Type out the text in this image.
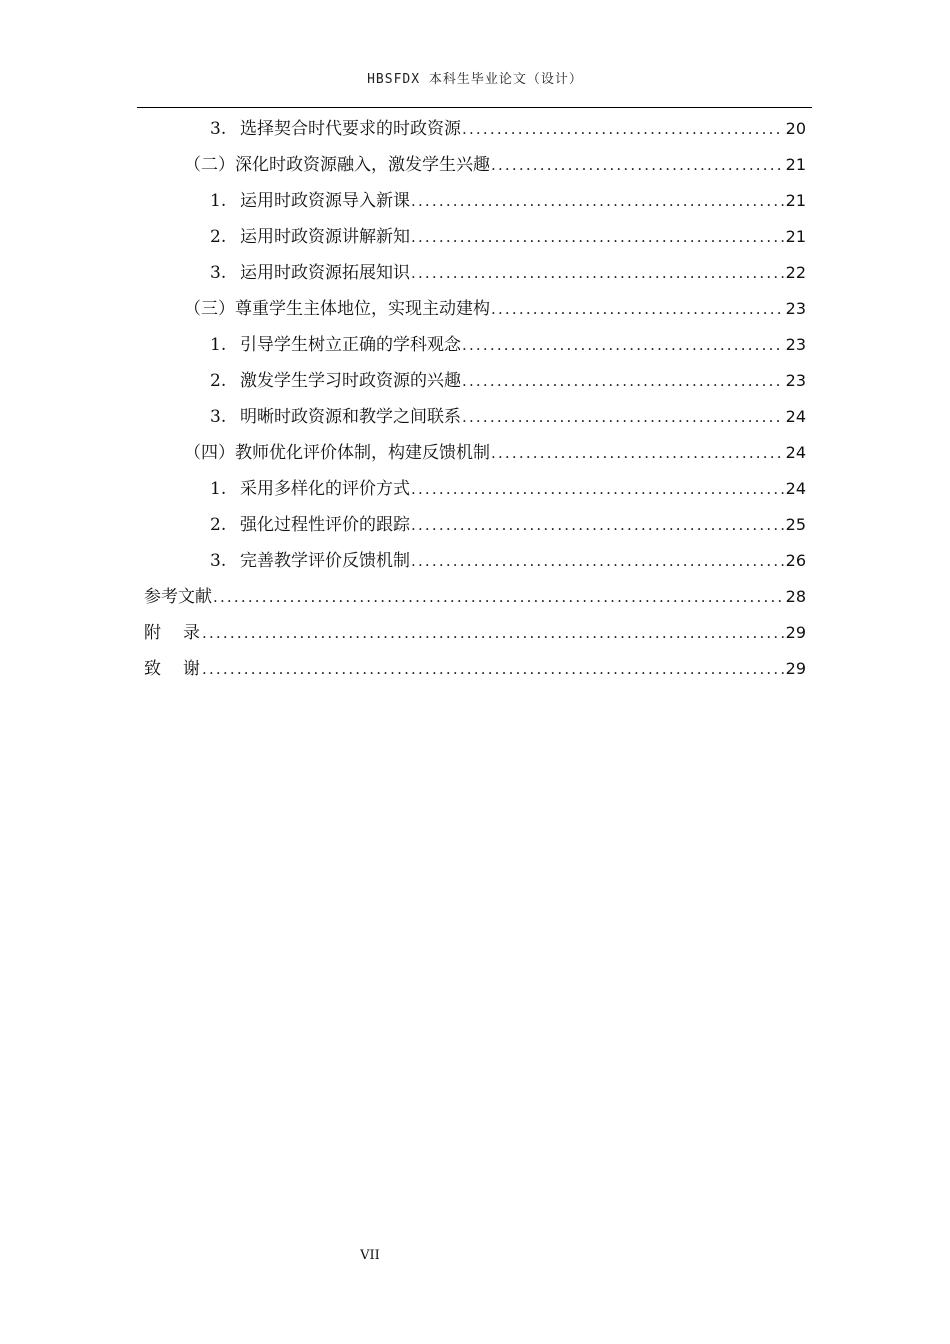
HBSFDX 本科生毕业论文（设计）
3. 选择契合时代要求的时政资源 .....	20
（二）深化时政资源融入，激发学生兴趣 .....	21
1. 运用时政资源导入新课 .....	21
2. 运用时政资源讲解新知 .....	21
3. 运用时政资源拓展知识 .....	22
（三）尊重学生主体地位，实现主动建构 .....	23
1. 引导学生树立正确的学科观念 .....	23
2. 激发学生学习时政资源的兴趣 .....	23
3. 明晰时政资源和教学之间联系 .....	24
（四）教师优化评价体制，构建反馈机制 .....	24
1. 采用多样化的评价方式 .....	24
2. 强化过程性评价的跟踪 .....	25
3. 完善教学评价反馈机制 .....	26
参考文献 .....	28
附录 .....	29
致谢 .....	29
VII
